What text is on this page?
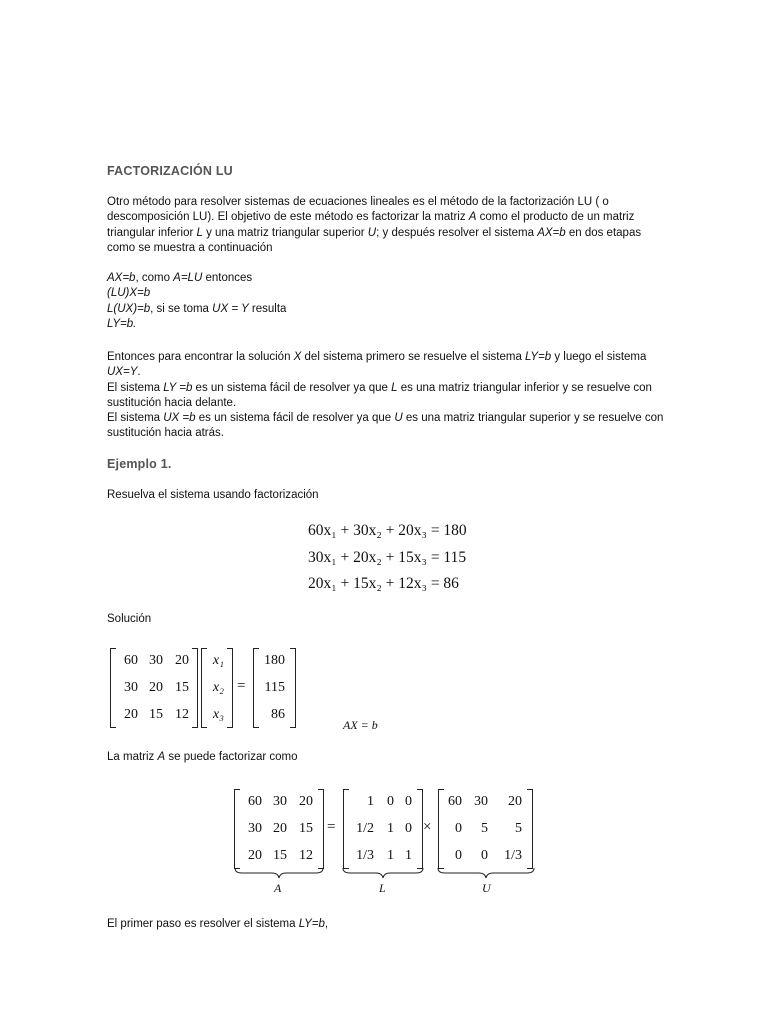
FACTORIZACIÓN LU

Otro método para resolver sistemas de ecuaciones lineales es el método de la factorización LU ( o descomposición LU). El objetivo de este método es factorizar la matriz A como el producto de un matriz triangular inferior L y una matriz triangular superior U; y después resolver el sistema AX=b en dos etapas como se muestra a continuación

AX=b, como A=LU entonces

(LU)X=b

L(UX)=b, si se toma UX = Y resulta

LY=b.

Entonces para encontrar la solución X del sistema primero se resuelve el sistema LY=b y luego el sistema UX=Y.

El sistema LY =b es un sistema fácil de resolver ya que L es una matriz triangular inferior y se resuelve con sustitución hacia delante.

El sistema UX =b es un sistema fácil de resolver ya que U es una matriz triangular superior y se resuelve con sustitución hacia atrás.

Ejemplo 1.
Resuelva el sistema usando factorización
60x₁ + 30x₂ + 20x₃ = 180
30x₁ + 20x₂ + 15x₃ = 115
20x₁ + 15x₂ + 12x₃ = 86
Solución
60 30 20
30 20 15
20 15 12
x₁
x₂
x₃
=
180
115
86
AX = b
La matriz A se puede factorizar como
60 30 20
30 20 15
20 15 12
A
=
1 0 0
1/2 1 0
1/3 1 1
L
×
60 30	20
0	5	5
0	0	1/3
U
El primer paso es resolver el sistema LY=b,
